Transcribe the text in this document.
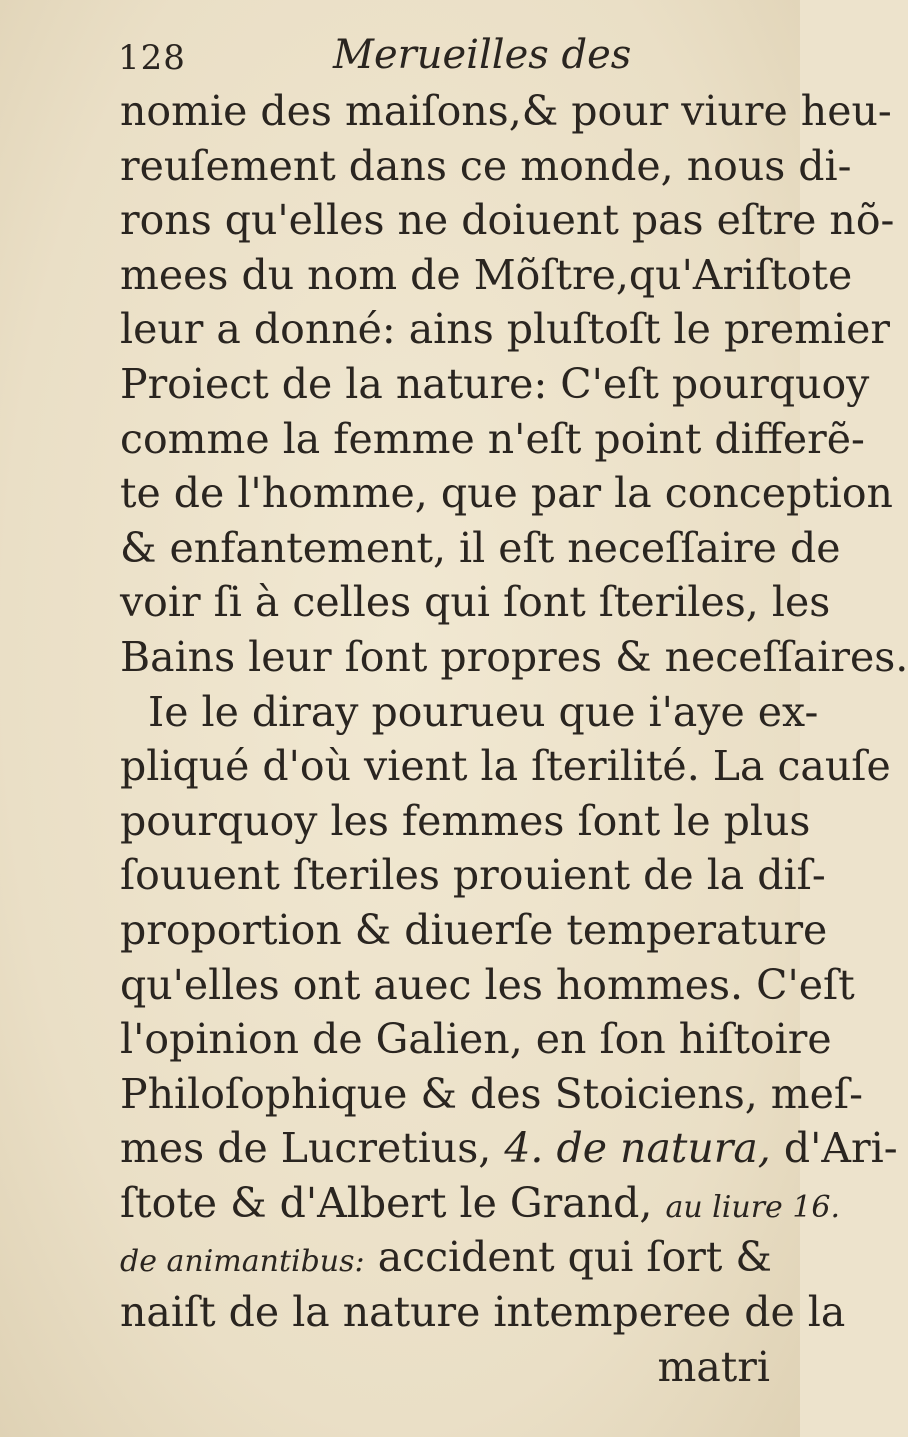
128	Merueilles des
nomie des maiſons,& pour viure heu-
reuſement dans ce monde, nous di-
rons qu'elles ne doiuent pas eſtre nõ-
mees du nom de Mõſtre,qu'Ariſtote
leur a donné: ains pluſtoſt le premier
Proiect de la nature: C'eſt pourquoy
comme la femme n'eſt point differẽ-
te de l'homme, que par la conception
& enfantement, il eſt neceſſaire de
voir ſi à celles qui ſont ſteriles, les
Bains leur ſont propres & neceſſaires.
Ie le diray pourueu que i'aye ex-
pliqué d'où vient la ſterilité. La cauſe
pourquoy les femmes ſont le plus
ſouuent ſteriles prouient de la diſ-
proportion & diuerſe temperature
qu'elles ont auec les hommes. C'eſt
l'opinion de Galien, en ſon hiſtoire
Philoſophique & des Stoiciens, meſ-
mes de Lucretius, 4. de natura, d'Ari-
ſtote & d'Albert le Grand, au liure 16.
de animantibus: accident qui ſort &
naiſt de la nature intemperee de la
matri
